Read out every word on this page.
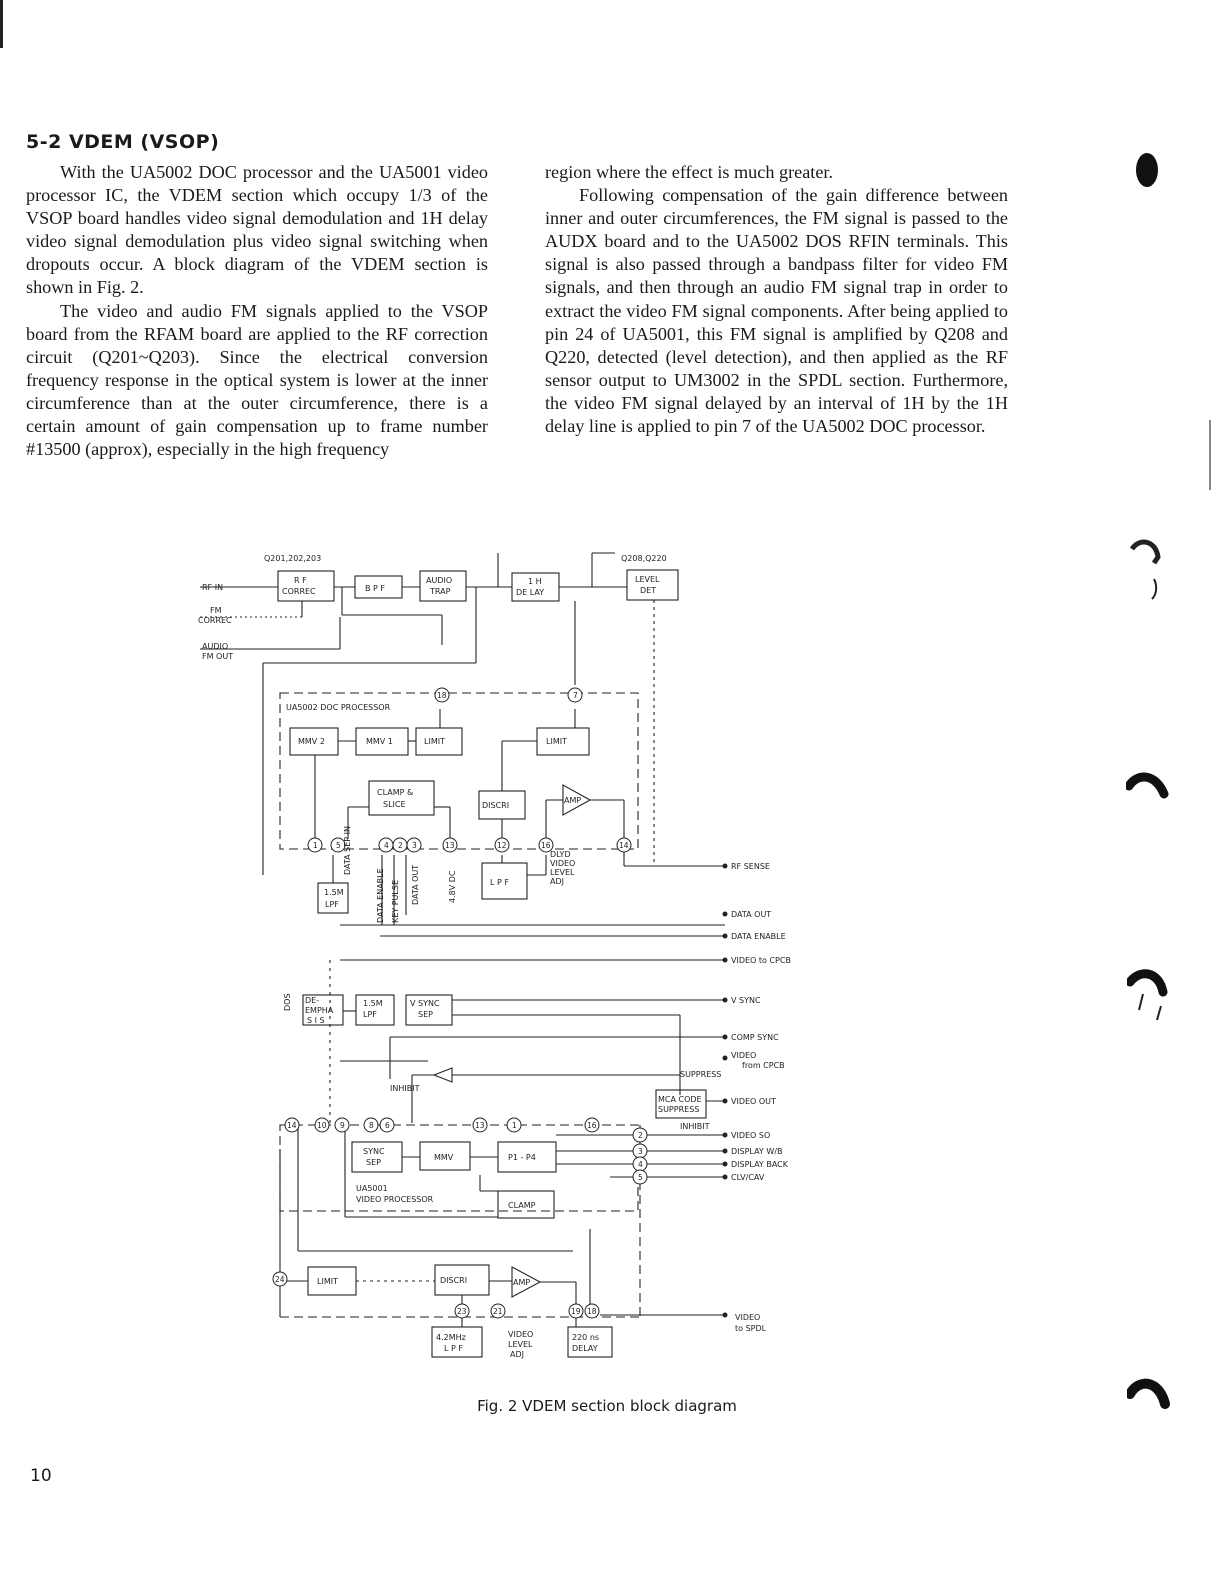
5-2 VDEM (VSOP)

With the UA5002 DOC processor and the UA5001 video processor IC, the VDEM section which occupy 1/3 of the VSOP board handles video signal demodulation and 1H delay video signal demodulation plus video signal switching when dropouts occur. A block diagram of the VDEM section is shown in Fig. 2.

The video and audio FM signals applied to the VSOP board from the RFAM board are applied to the RF correction circuit (Q201~Q203). Since the electrical conversion frequency response in the optical system is lower at the inner circumference than at the outer circumference, there is a certain amount of gain compensation up to frame number #13500 (approx), especially in the high frequency

region where the effect is much greater.

Following compensation of the gain difference between inner and outer circumferences, the FM signal is passed to the AUDX board and to the UA5002 DOS RFIN terminals. This signal is also passed through a bandpass filter for video FM signals, and then through an audio FM signal trap in order to extract the video FM signal components. After being applied to pin 24 of UA5001, this FM signal is amplified by Q208 and Q220, detected (level detection), and then applied as the RF sensor output to UM3002 in the SPDL section. Furthermore, the video FM signal delayed by an interval of 1H by the 1H delay line is applied to pin 7 of the UA5002 DOC processor.

Q201,202,203	Q208,Q220
RF IN
FM
CORREC
AUDIO
FM OUT
R F
CORREC	B P F
AUDIO
TRAP
1 H
DE LAY
LEVEL
DET
UA5002 DOC PROCESSOR
MMV 2	MMV 1	LIMIT	LIMIT
CLAMP &
SLICE	DISCRI
AMP
1.5M
LPF
L P F
DATA SEP IN
DATA ENABLE KEY PULSE DATA OUT	4.8V DC
DOS
DLYD
VIDEO
LEVEL
ADJ
DE-
EMPHA
S I S
1.5M
LPF
V SYNC
SEP
INHIBIT
SUPPRESS
MCA CODE
SUPPRESS
INHIBIT
SYNC
SEP
MMV	P1 - P4
CLAMP
UA5001
VIDEO PROCESSOR
LIMIT	DISCRI	AMP
4.2MHz
L P F
220 ns
DELAY
VIDEO
LEVEL
ADJ
18	7
1 5	4 2 3	13	12	16	14
14	10 9	8 6	13	1	16
2
3
4
5
24
23	21	19 18
RF SENSE
DATA OUT
DATA ENABLE
VIDEO to CPCB
V SYNC
COMP SYNC
VIDEO
from CPCB
VIDEO OUT
VIDEO SO
DISPLAY W/B
DISPLAY BACK
CLV/CAV
VIDEO
to SPDL

Fig. 2 VDEM section block diagram

10
